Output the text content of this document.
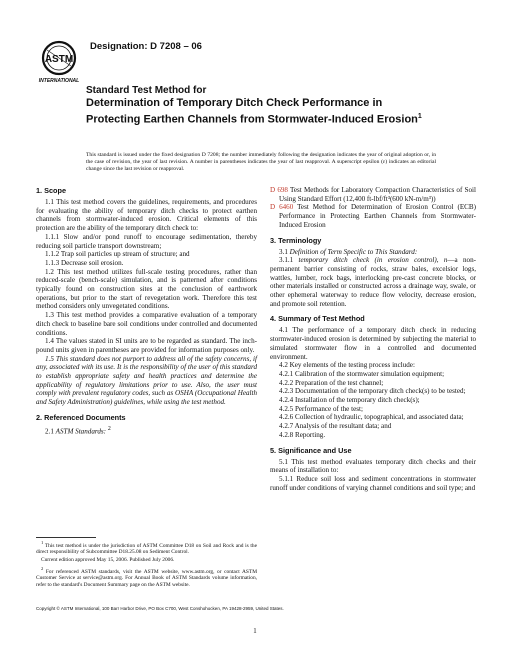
ASTM
INTERNATIONAL
Designation: D 7208 – 06

Standard Test Method for

Determination of Temporary Ditch Check Performance in Protecting Earthen Channels from Stormwater-Induced Erosion$^1$

This standard is issued under the fixed designation D 7208; the number immediately following the designation indicates the year of original adoption or, in the case of revision, the year of last revision. A number in parentheses indicates the year of last reapproval. A superscript epsilon (ε) indicates an editorial change since the last revision or reapproval.
1. Scope

1.1 This test method covers the guidelines, requirements, and procedures for evaluating the ability of temporary ditch checks to protect earthen channels from stormwater-induced erosion. Critical elements of this protection are the ability of the temporary ditch check to:

1.1.1 Slow and/or pond runoff to encourage sedimentation, thereby reducing soil particle transport downstream;

1.1.2 Trap soil particles up stream of structure; and

1.1.3 Decrease soil erosion.

1.2 This test method utilizes full-scale testing procedures, rather than reduced-scale (bench-scale) simulation, and is patterned after conditions typically found on construction sites at the conclusion of earthwork operations, but prior to the start of revegetation work. Therefore this test method considers only unvegetated conditions.

1.3 This test method provides a comparative evaluation of a temporary ditch check to baseline bare soil conditions under controlled and documented conditions.

1.4 The values stated in SI units are to be regarded as standard. The inch-pound units given in parentheses are provided for information purposes only.

1.5 This standard does not purport to address all of the safety concerns, if any, associated with its use. It is the responsibility of the user of this standard to establish appropriate safety and health practices and determine the applicability of regulatory limitations prior to use. Also, the user must comply with prevalent regulatory codes, such as OSHA (Occupational Health and Safety Administration) guidelines, while using the test method.

2. Referenced Documents

2.1 ASTM Standards: $^2$

$^1$ This test method is under the jurisdiction of ASTM Committee D18 on Soil and Rock and is the direct responsibility of Subcommittee D18.25.08 on Sediment Control.

Current edition approved May 15, 2006. Published July 2006.

$^2$ For referenced ASTM standards, visit the ASTM website, www.astm.org, or contact ASTM Customer Service at service@astm.org. For Annual Book of ASTM Standards volume information, refer to the standard's Document Summary page on the ASTM website.

D 698 Test Methods for Laboratory Compaction Characteristics of Soil Using Standard Effort (12,400 ft-lbf/ft³(600 kN-m/m³))

D 6460 Test Method for Determination of Erosion Control (ECB) Performance in Protecting Earthen Channels from Stormwater-Induced Erosion

3. Terminology

3.1 Definition of Term Specific to This Standard:

3.1.1 temporary ditch check (in erosion control), n—a non-permanent barrier consisting of rocks, straw bales, excelsior logs, wattles, lumber, rock bags, interlocking pre-cast concrete blocks, or other materials installed or constructed across a drainage way, swale, or other ephemeral waterway to reduce flow velocity, decrease erosion, and promote soil retention.

4. Summary of Test Method

4.1 The performance of a temporary ditch check in reducing stormwater-induced erosion is determined by subjecting the material to simulated stormwater flow in a controlled and documented environment.

4.2 Key elements of the testing process include:

4.2.1 Calibration of the stormwater simulation equipment;

4.2.2 Preparation of the test channel;

4.2.3 Documentation of the temporary ditch check(s) to be tested;

4.2.4 Installation of the temporary ditch check(s);

4.2.5 Performance of the test;

4.2.6 Collection of hydraulic, topographical, and associated data;

4.2.7 Analysis of the resultant data; and

4.2.8 Reporting.

5. Significance and Use

5.1 This test method evaluates temporary ditch checks and their means of installation to:

5.1.1 Reduce soil loss and sediment concentrations in stormwater runoff under conditions of varying channel conditions and soil type; and

Copyright © ASTM International, 100 Barr Harbor Drive, PO Box C700, West Conshohocken, PA 19428-2959, United States.
1
